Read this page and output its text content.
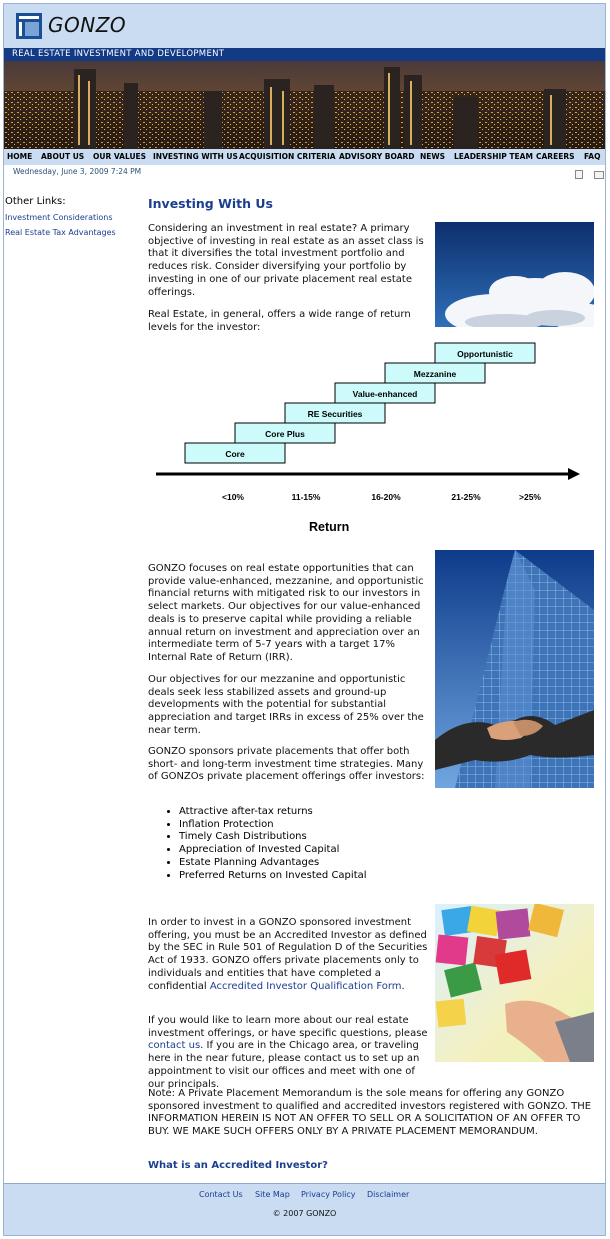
GONZO
REAL ESTATE INVESTMENT AND DEVELOPMENT
HOME ABOUT US OUR VALUES INVESTING WITH US ACQUISITION CRITERIA ADVISORY BOARD NEWS LEADERSHIP TEAM CAREERS FAQ
Wednesday, June 3, 2009 7:24 PM
Other Links:
Investment Considerations
Real Estate Tax Advantages
Investing With Us
Considering an investment in real estate? A primary objective of investing in real estate as an asset class is that it diversifies the total investment portfolio and reduces risk. Consider diversifying your portfolio by investing in one of our private placement real estate offerings.
Real Estate, in general, offers a wide range of return levels for the investor:
Core
Core Plus
RE Securities
Value-enhanced
Mezzanine
Opportunistic
<10%	11-15%	16-20%	21-25%	>25%
Return
GONZO focuses on real estate opportunities that can provide value-enhanced, mezzanine, and opportunistic financial returns with mitigated risk to our investors in select markets. Our objectives for our value-enhanced deals is to preserve capital while providing a reliable annual return on investment and appreciation over an intermediate term of 5-7 years with a target 17% Internal Rate of Return (IRR).
Our objectives for our mezzanine and opportunistic deals seek less stabilized assets and ground-up developments with the potential for substantial appreciation and target IRRs in excess of 25% over the near term.
GONZO sponsors private placements that offer both short- and long-term investment time strategies. Many of GONZOs private placement offerings offer investors:
• Attractive after-tax returns
• Inflation Protection
• Timely Cash Distributions
• Appreciation of Invested Capital
• Estate Planning Advantages
• Preferred Returns on Invested Capital
In order to invest in a GONZO sponsored investment offering, you must be an Accredited Investor as defined by the SEC in Rule 501 of Regulation D of the Securities Act of 1933. GONZO offers private placements only to individuals and entities that have completed a confidential Accredited Investor Qualification Form.
If you would like to learn more about our real estate investment offerings, or have specific questions, please contact us. If you are in the Chicago area, or traveling here in the near future, please contact us to set up an appointment to visit our offices and meet with one of our principals.
Note: A Private Placement Memorandum is the sole means for offering any GONZO sponsored investment to qualified and accredited investors registered with GONZO. THE INFORMATION HEREIN IS NOT AN OFFER TO SELL OR A SOLICITATION OF AN OFFER TO BUY. WE MAKE SUCH OFFERS ONLY BY A PRIVATE PLACEMENT MEMORANDUM.
What is an Accredited Investor?
Contact Us Site Map Privacy Policy Disclaimer
© 2007 GONZO
